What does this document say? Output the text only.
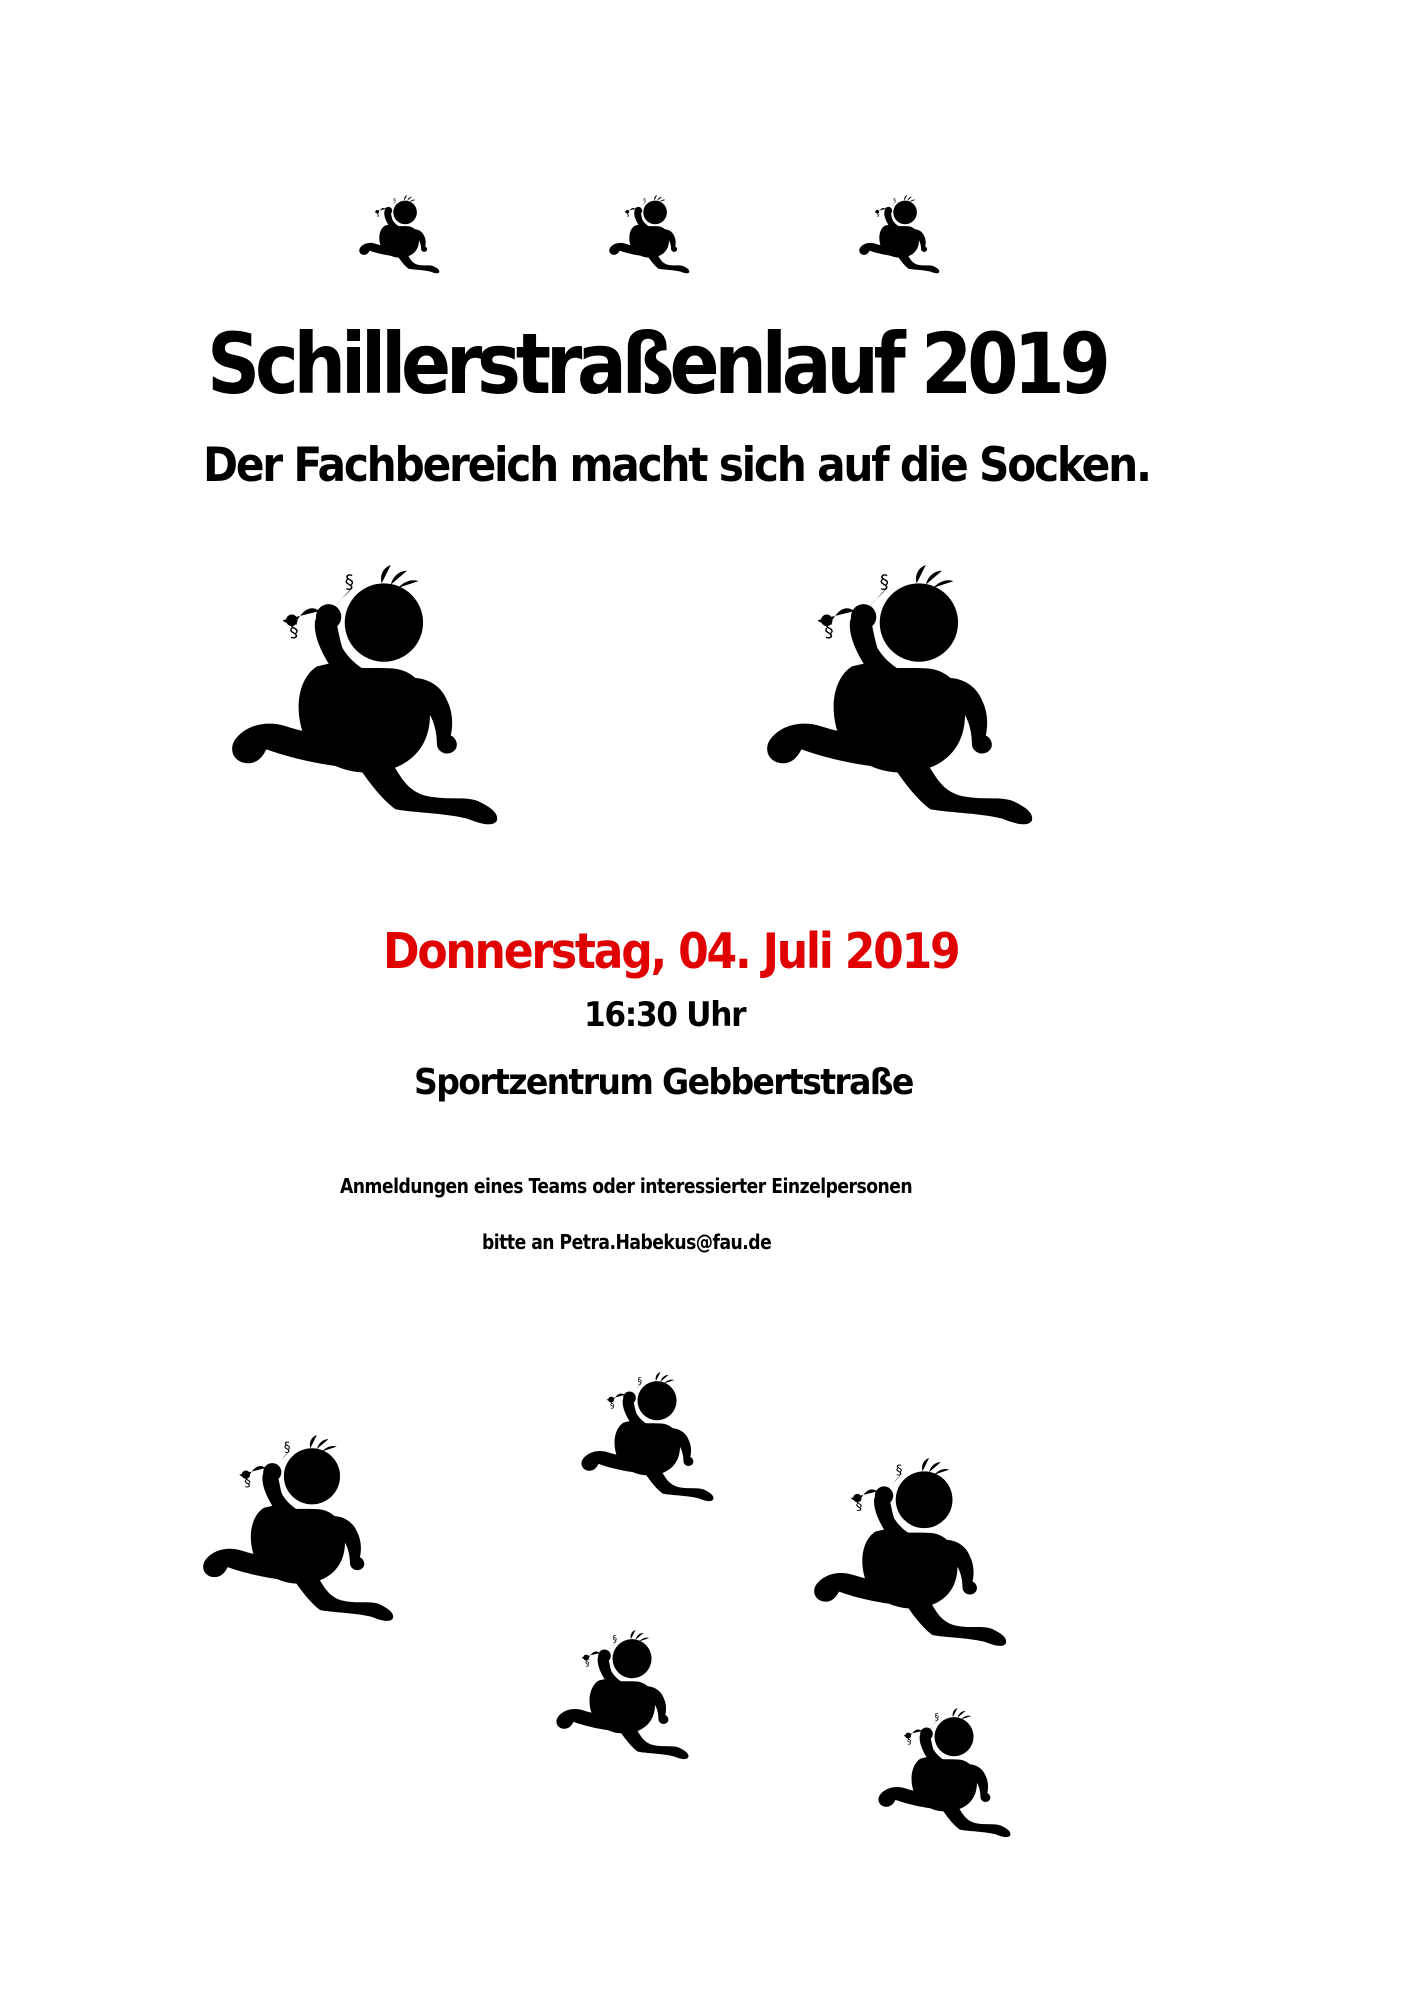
Schillerstraßenlauf 2019
Der Fachbereich macht sich auf die Socken.
Donnerstag, 04. Juli 2019
16:30 Uhr
Sportzentrum Gebbertstraße
Anmeldungen eines Teams oder interessierter Einzelpersonen
bitte an Petra.Habekus@fau.de
